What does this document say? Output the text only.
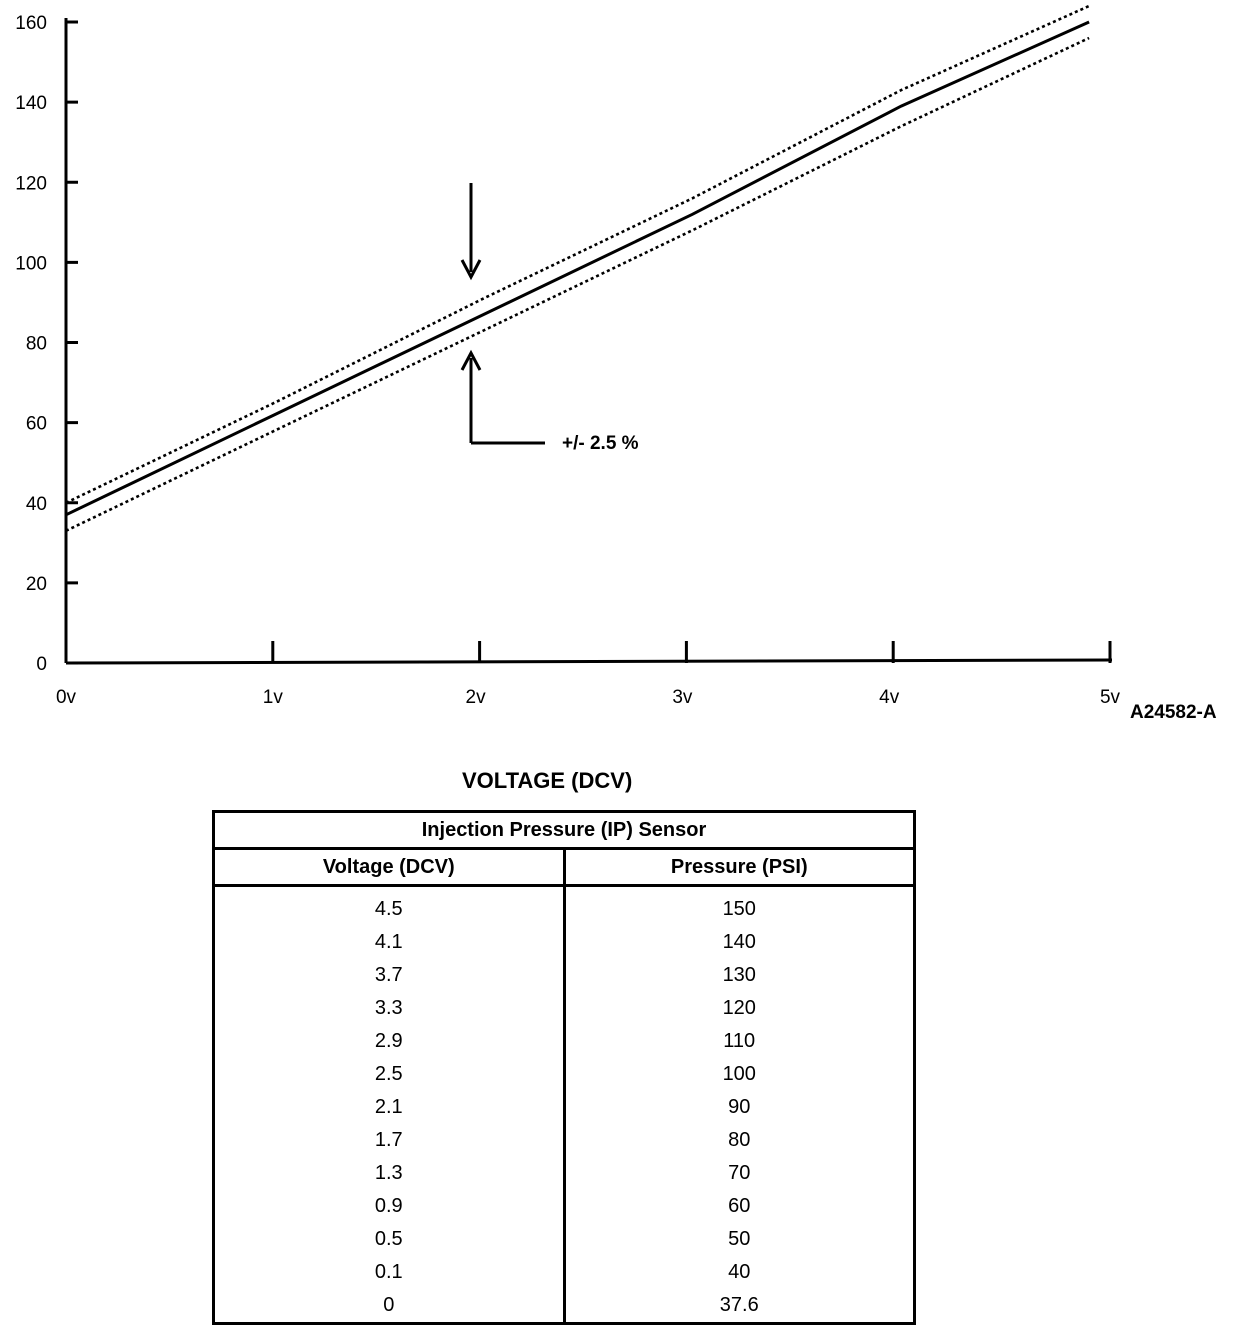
0
20
40
60
80
100
120
140
160
0v	1v	2v	3v	4v	5v
+/- 2.5 %
A24582-A
VOLTAGE (DCV)
Injection Pressure (IP) Sensor	
Voltage (DCV)	Pressure (PSI)
4.5	150
4.1	140
3.7	130
3.3	120
2.9	110
2.5	100
2.1	90
1.7	80
1.3	70
0.9	60
0.5	50
0.1	40
0	37.6
